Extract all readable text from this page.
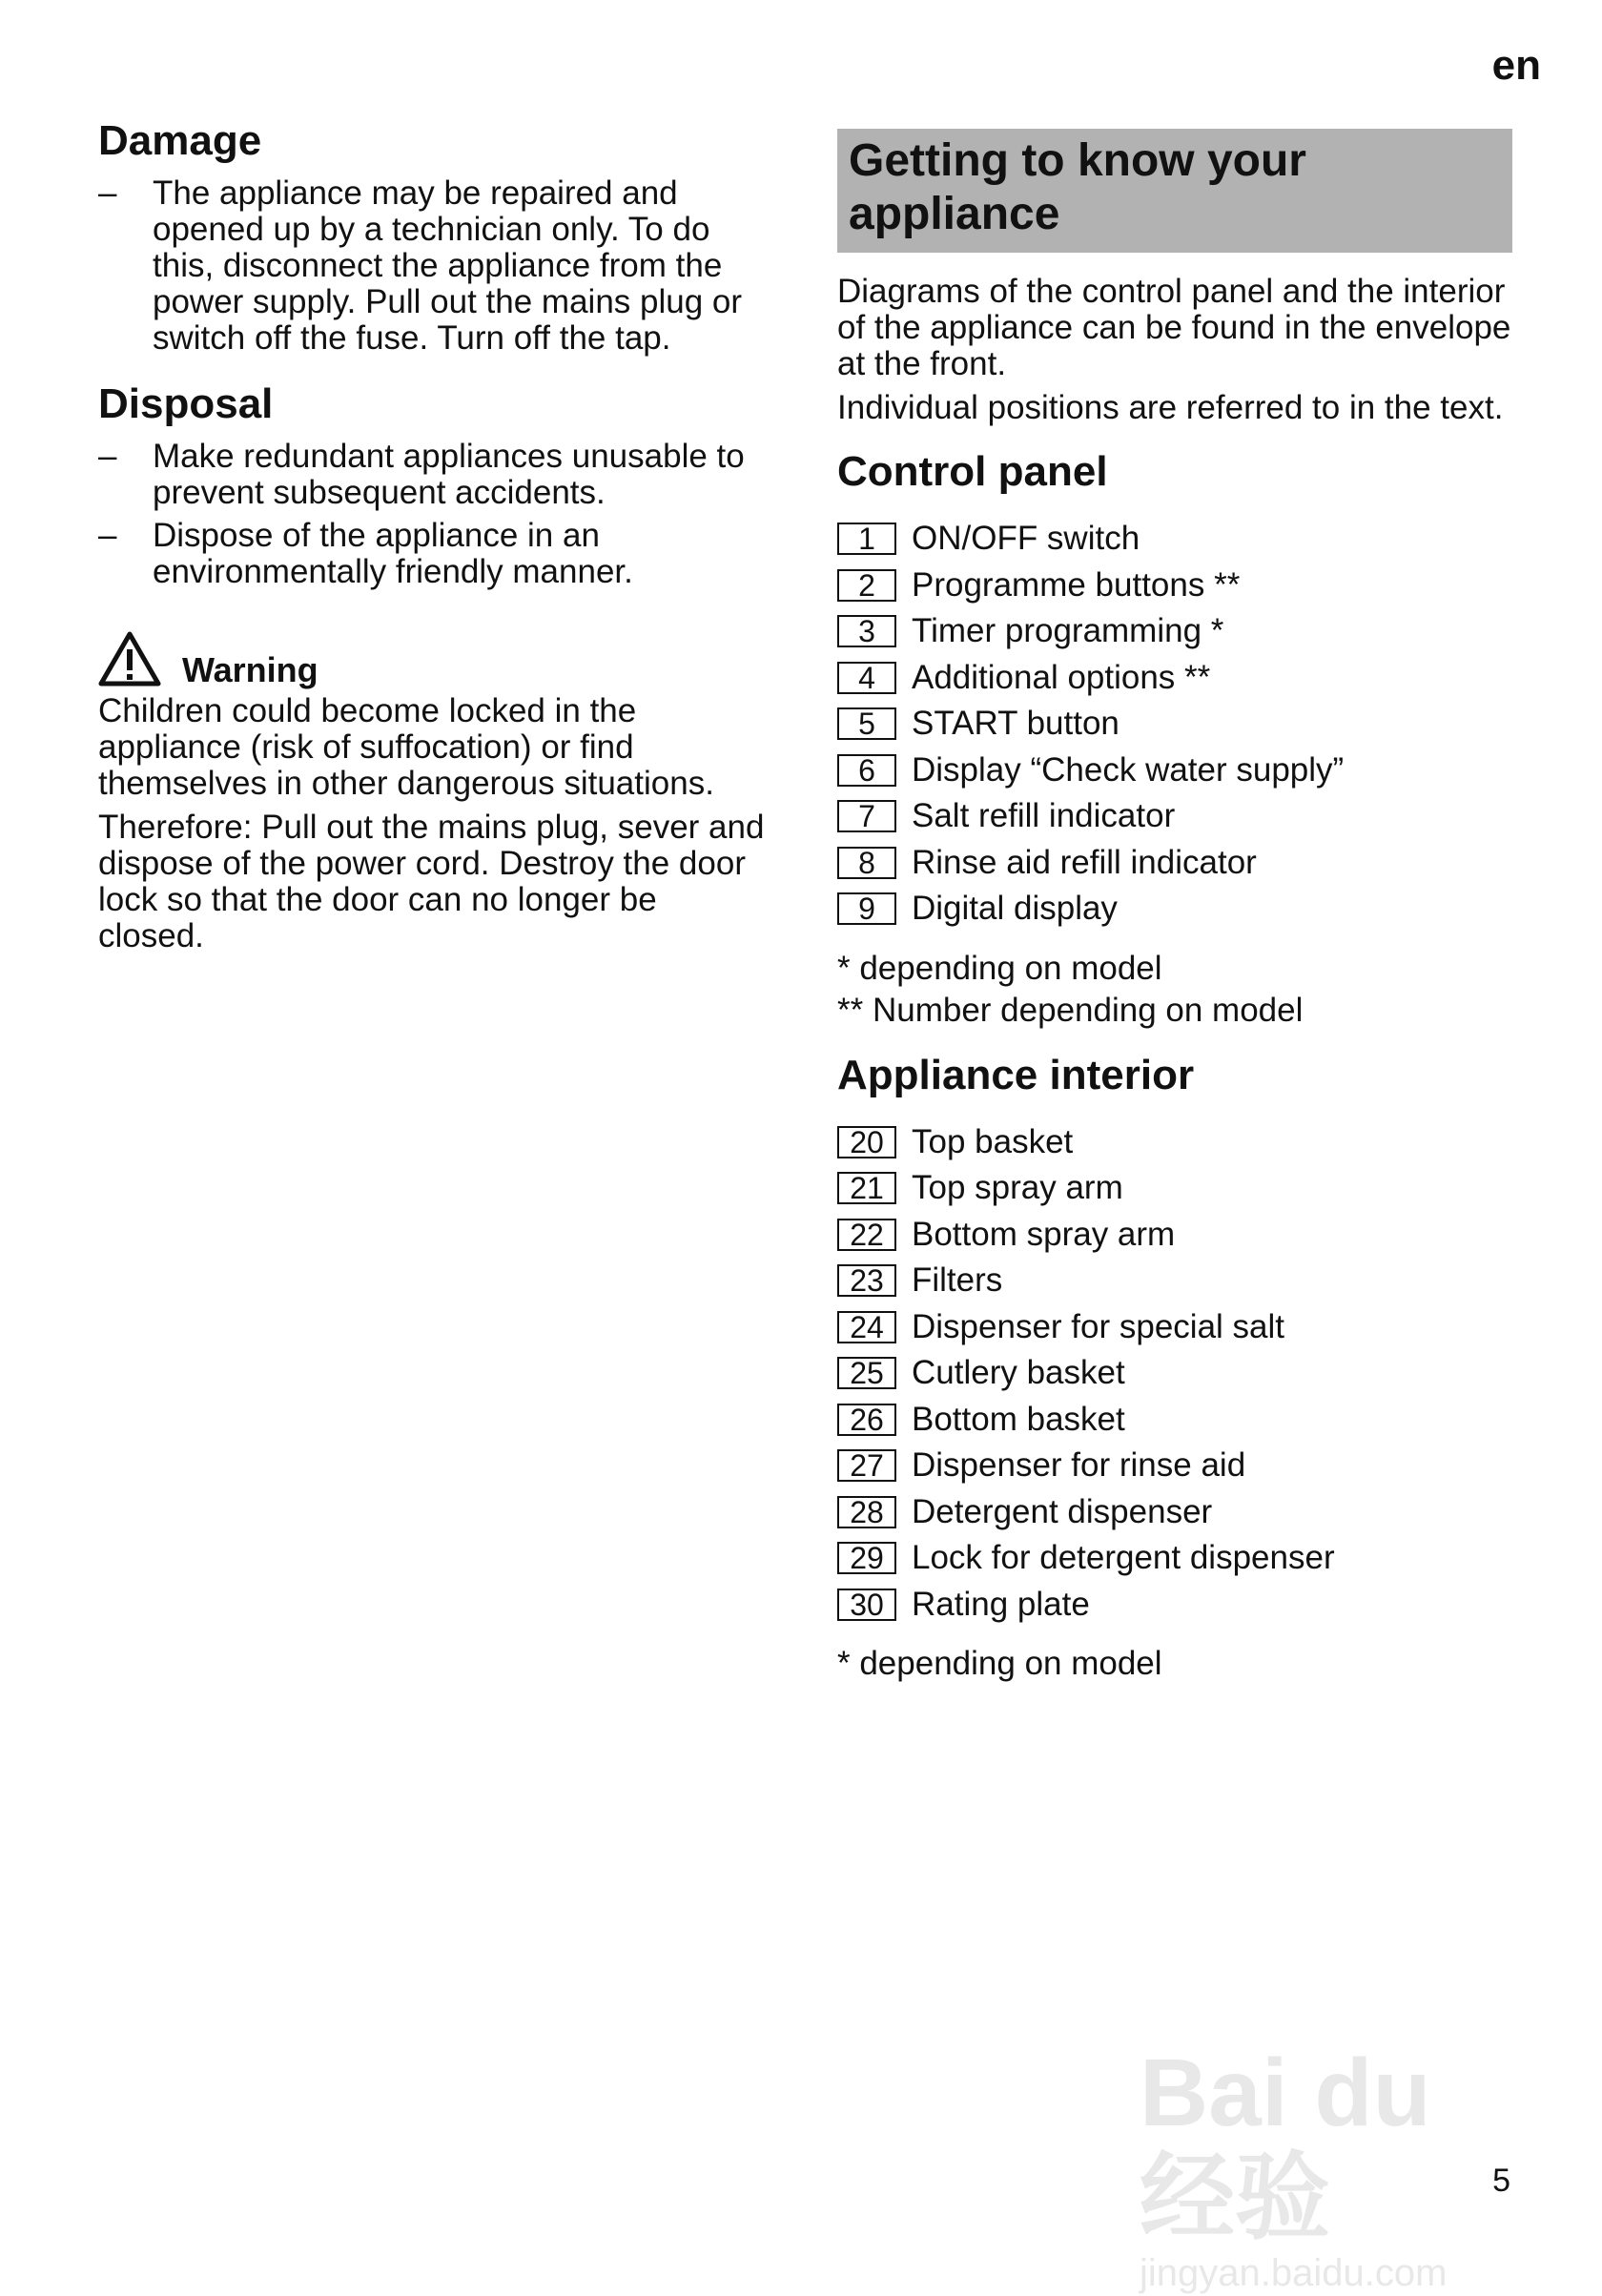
en
Damage
– The appliance may be repaired and opened up by a technician only. To do this, disconnect the appliance from the power supply. Pull out the mains plug or switch off the fuse. Turn off the tap.
Disposal
– Make redundant appliances unusable to prevent subsequent accidents.
– Dispose of the appliance in an environmentally friendly manner.
Warning

Children could become locked in the appliance (risk of suffocation) or find themselves in other dangerous situations.

Therefore: Pull out the mains plug, sever and dispose of the power cord. Destroy the door lock so that the door can no longer be closed.

Getting to know your appliance

Diagrams of the control panel and the interior of the appliance can be found in the envelope at the front.

Individual positions are referred to in the text.

Control panel
1	ON/OFF switch
2	Programme buttons **
3	Timer programming *
4	Additional options **
5	START button
6	Display “Check water supply”
7	Salt refill indicator
8	Rinse aid refill indicator
9	Digital display

* depending on model

** Number depending on model

Appliance interior
20 Top basket
21 Top spray arm
22 Bottom spray arm
23 Filters
24 Dispenser for special salt
25 Cutlery basket
26 Bottom basket
27 Dispenser for rinse aid
28 Detergent dispenser
29 Lock for detergent dispenser
30 Rating plate

* depending on model

Bai du 经验
jingyan.baidu.com
5
